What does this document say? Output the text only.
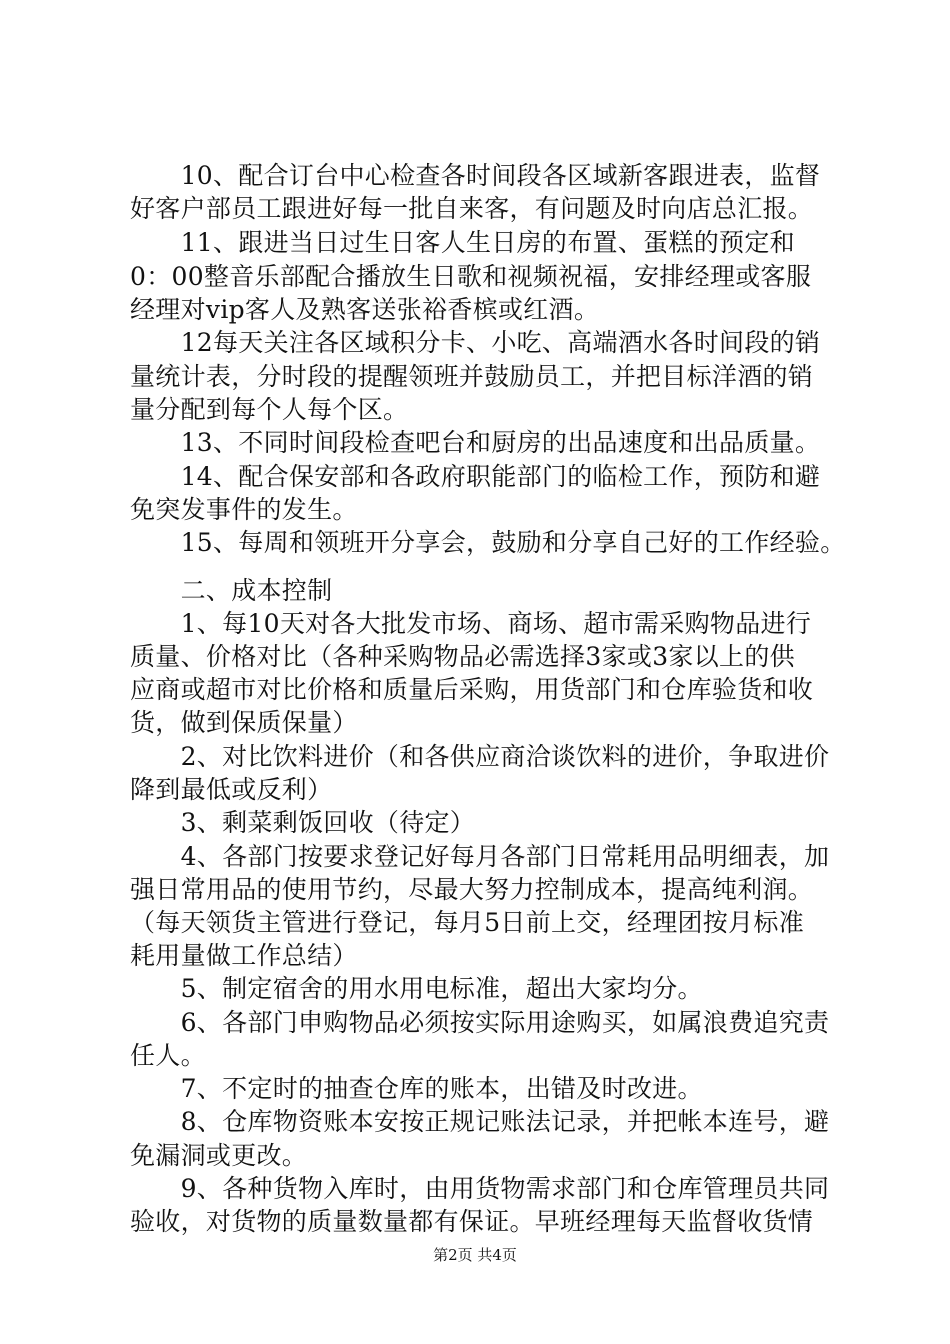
　　10、配合订台中心检查各时间段各区域新客跟进表，监督
好客户部员工跟进好每一批自来客，有问题及时向店总汇报。
　　11、跟进当日过生日客人生日房的布置、蛋糕的预定和
0：00整音乐部配合播放生日歌和视频祝福，安排经理或客服
经理对vip客人及熟客送张裕香槟或红酒。
　　12每天关注各区域积分卡、小吃、高端酒水各时间段的销
量统计表，分时段的提醒领班并鼓励员工，并把目标洋酒的销
量分配到每个人每个区。
　　13、不同时间段检查吧台和厨房的出品速度和出品质量。
　　14、配合保安部和各政府职能部门的临检工作，预防和避
免突发事件的发生。
　　15、每周和领班开分享会，鼓励和分享自己好的工作经验。
　　二、成本控制
　　1、每10天对各大批发市场、商场、超市需采购物品进行
质量、价格对比（各种采购物品必需选择3家或3家以上的供
应商或超市对比价格和质量后采购，用货部门和仓库验货和收
货，做到保质保量）
　　2、对比饮料进价（和各供应商洽谈饮料的进价，争取进价
降到最低或反利）
　　3、剩菜剩饭回收（待定）
　　4、各部门按要求登记好每月各部门日常耗用品明细表，加
强日常用品的使用节约，尽最大努力控制成本，提高纯利润。
（每天领货主管进行登记，每月5日前上交，经理团按月标准
耗用量做工作总结）
　　5、制定宿舍的用水用电标准，超出大家均分。
　　6、各部门申购物品必须按实际用途购买，如属浪费追究责
任人。
　　7、不定时的抽查仓库的账本，出错及时改进。
　　8、仓库物资账本安按正规记账法记录，并把帐本连号，避
免漏洞或更改。
　　9、各种货物入库时，由用货物需求部门和仓库管理员共同
第2页 共4页
验收，对货物的质量数量都有保证。早班经理每天监督收货情
